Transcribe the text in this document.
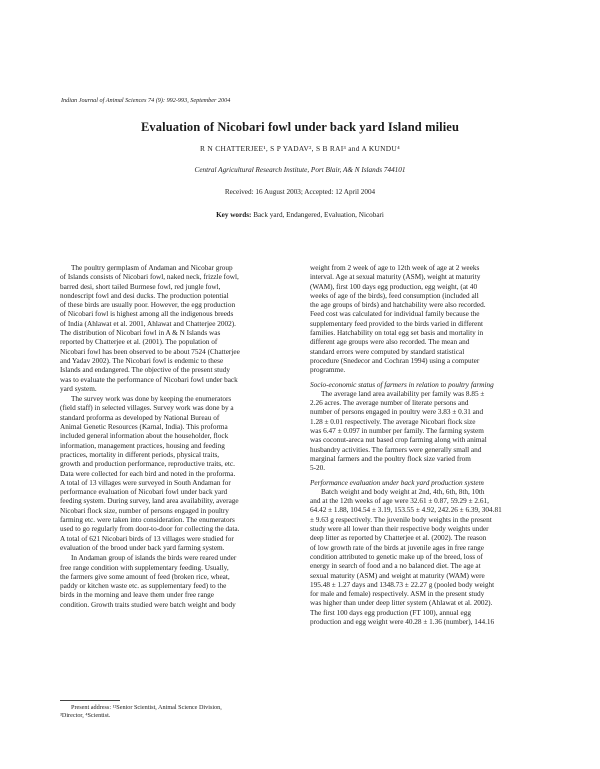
Indian Journal of Animal Sciences 74 (9): 992-993, September 2004
Evaluation of Nicobari fowl under back yard Island milieu
R N CHATTERJEE¹, S P YADAV², S B RAI³ and A KUNDU⁴
Central Agricultural Research Institute, Port Blair, A& N Islands 744101
Received: 16 August 2003; Accepted: 12 April 2004
Key words: Back yard, Endangered, Evaluation, Nicobari
The poultry germplasm of Andaman and Nicobar group
of Islands consists of Nicobari fowl, naked neck, frizzle fowl,
barred desi, short tailed Burmese fowl, red jungle fowl,
nondescript fowl and desi ducks. The production potential
of these birds are usually poor. However, the egg production
of Nicobari fowl is highest among all the indigenous breeds
of India (Ahlawat et al. 2001, Ahlawat and Chatterjee 2002).
The distribution of Nicobari fowl in A & N Islands was
reported by Chatterjee et al. (2001). The population of
Nicobari fowl has been observed to be about 7524 (Chatterjee
and Yadav 2002). The Nicobari fowl is endemic to these
Islands and endangered. The objective of the present study
was to evaluate the performance of Nicobari fowl under back
yard system.
The survey work was done by keeping the enumerators
(field staff) in selected villages. Survey work was done by a
standard proforma as developed by National Bureau of
Animal Genetic Resources (Karnal, India). This proforma
included general information about the householder, flock
information, management practices, housing and feeding
practices, mortality in different periods, physical traits,
growth and production performance, reproductive traits, etc.
Data were collected for each bird and noted in the proforma.
A total of 13 villages were surveyed in South Andaman for
performance evaluation of Nicobari fowl under back yard
feeding system. During survey, land area availability, average
Nicobari flock size, number of persons engaged in poultry
farming etc. were taken into consideration. The enumerators
used to go regularly from door-to-door for collecting the data.
A total of 621 Nicobari birds of 13 villages were studied for
evaluation of the brood under back yard farming system.
In Andaman group of islands the birds were reared under
free range condition with supplementary feeding. Usually,
the farmers give some amount of feed (broken rice, wheat,
paddy or kitchen waste etc. as supplementary feed) to the
birds in the morning and leave them under free range
condition. Growth traits studied were batch weight and body
Present address: ¹²Senior Scientist, Animal Science Division,
³Director, ⁴Scientist.
weight from 2 week of age to 12th week of age at 2 weeks
interval. Age at sexual maturity (ASM), weight at maturity
(WAM), first 100 days egg production, egg weight, (at 40
weeks of age of the birds), feed consumption (included all
the age groups of birds) and hatchability were also recorded.
Feed cost was calculated for individual family because the
supplementary feed provided to the birds varied in different
families. Hatchability on total egg set basis and mortality in
different age groups were also recorded. The mean and
standard errors were computed by standard statistical
procedure (Snedecor and Cochran 1994) using a computer
programme.
Socio-economic status of farmers in relation to poultry farming
The average land area availability per family was 8.85 ±
2.26 acres. The average number of literate persons and
number of persons engaged in poultry were 3.83 ± 0.31 and
1.28 ± 0.01 respectively. The average Nicobari flock size
was 6.47 ± 0.097 in number per family. The farming system
was coconut-areca nut based crop farming along with animal
husbandry activities. The farmers were generally small and
marginal farmers and the poultry flock size varied from
5-20.
Performance evaluation under back yard production system
Batch weight and body weight at 2nd, 4th, 6th, 8th, 10th
and at the 12th weeks of age were 32.61 ± 0.87, 59.29 ± 2.61,
64.42 ± 1.88, 104.54 ± 3.19, 153.55 ± 4.92, 242.26 ± 6.39, 304.81
± 9.63 g respectively. The juvenile body weights in the present
study were all lower than their respective body weights under
deep litter as reported by Chatterjee et al. (2002). The reason
of low growth rate of the birds at juvenile ages in free range
condition attributed to genetic make up of the breed, loss of
energy in search of food and a no balanced diet. The age at
sexual maturity (ASM) and weight at maturity (WAM) were
195.48 ± 1.27 days and 1348.73 ± 22.27 g (pooled body weight
for male and female) respectively. ASM in the present study
was higher than under deep litter system (Ahlawat et al. 2002).
The first 100 days egg production (FT 100), annual egg
production and egg weight were 40.28 ± 1.36 (number), 144.16
